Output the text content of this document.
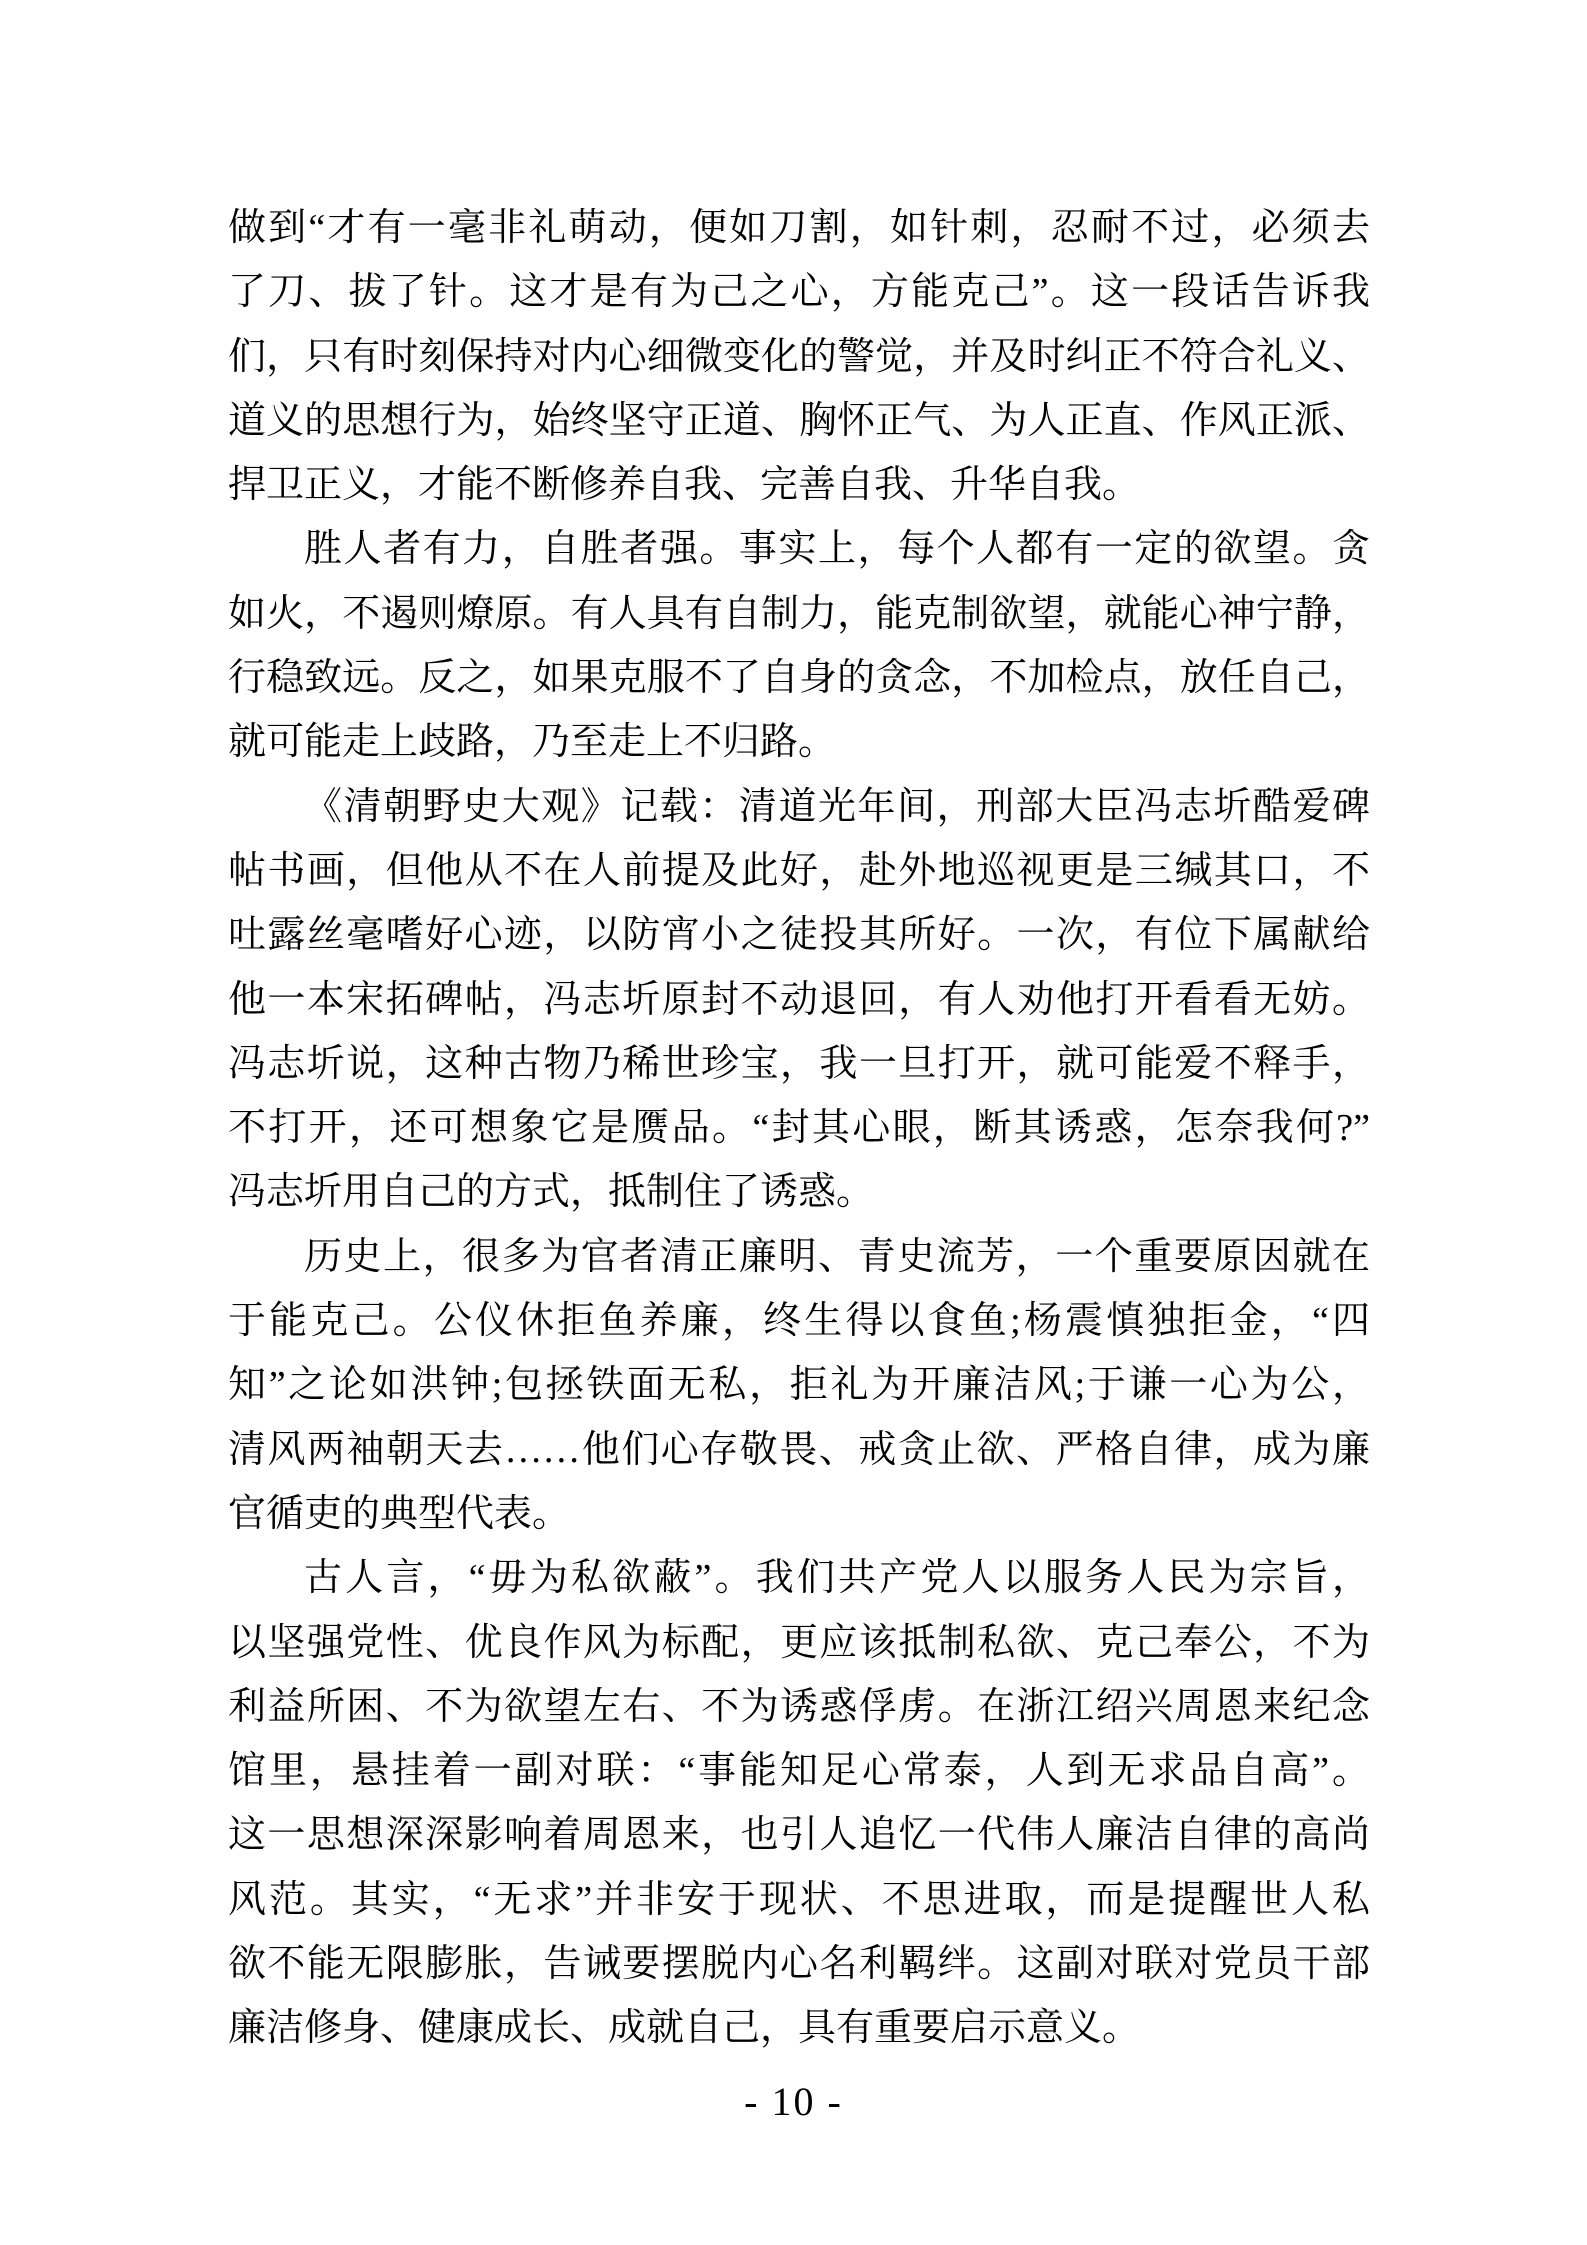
做到“才有一毫非礼萌动，便如刀割，如针刺，忍耐不过，必须去
了刀、拔了针。这才是有为己之心，方能克己”。这一段话告诉我
们，只有时刻保持对内心细微变化的警觉，并及时纠正不符合礼义、
道义的思想行为，始终坚守正道、胸怀正气、为人正直、作风正派、
捍卫正义，才能不断修养自我、完善自我、升华自我。
胜人者有力，自胜者强。事实上，每个人都有一定的欲望。贪
如火，不遏则燎原。有人具有自制力，能克制欲望，就能心神宁静，
行稳致远。反之，如果克服不了自身的贪念，不加检点，放任自己，
就可能走上歧路，乃至走上不归路。
《清朝野史大观》记载：清道光年间，刑部大臣冯志圻酷爱碑
帖书画，但他从不在人前提及此好，赴外地巡视更是三缄其口，不
吐露丝毫嗜好心迹，以防宵小之徒投其所好。一次，有位下属献给
他一本宋拓碑帖，冯志圻原封不动退回，有人劝他打开看看无妨。
冯志圻说，这种古物乃稀世珍宝，我一旦打开，就可能爱不释手，
不打开，还可想象它是赝品。“封其心眼，断其诱惑，怎奈我何?”
冯志圻用自己的方式，抵制住了诱惑。
历史上，很多为官者清正廉明、青史流芳，一个重要原因就在
于能克己。公仪休拒鱼养廉，终生得以食鱼;杨震慎独拒金，“四
知”之论如洪钟;包拯铁面无私，拒礼为开廉洁风;于谦一心为公，
清风两袖朝天去……他们心存敬畏、戒贪止欲、严格自律，成为廉
官循吏的典型代表。
古人言，“毋为私欲蔽”。我们共产党人以服务人民为宗旨，
以坚强党性、优良作风为标配，更应该抵制私欲、克己奉公，不为
利益所困、不为欲望左右、不为诱惑俘虏。在浙江绍兴周恩来纪念
馆里，悬挂着一副对联：“事能知足心常泰，人到无求品自高”。
这一思想深深影响着周恩来，也引人追忆一代伟人廉洁自律的高尚
风范。其实，“无求”并非安于现状、不思进取，而是提醒世人私
欲不能无限膨胀，告诫要摆脱内心名利羁绊。这副对联对党员干部
廉洁修身、健康成长、成就自己，具有重要启示意义。
- 10 -
